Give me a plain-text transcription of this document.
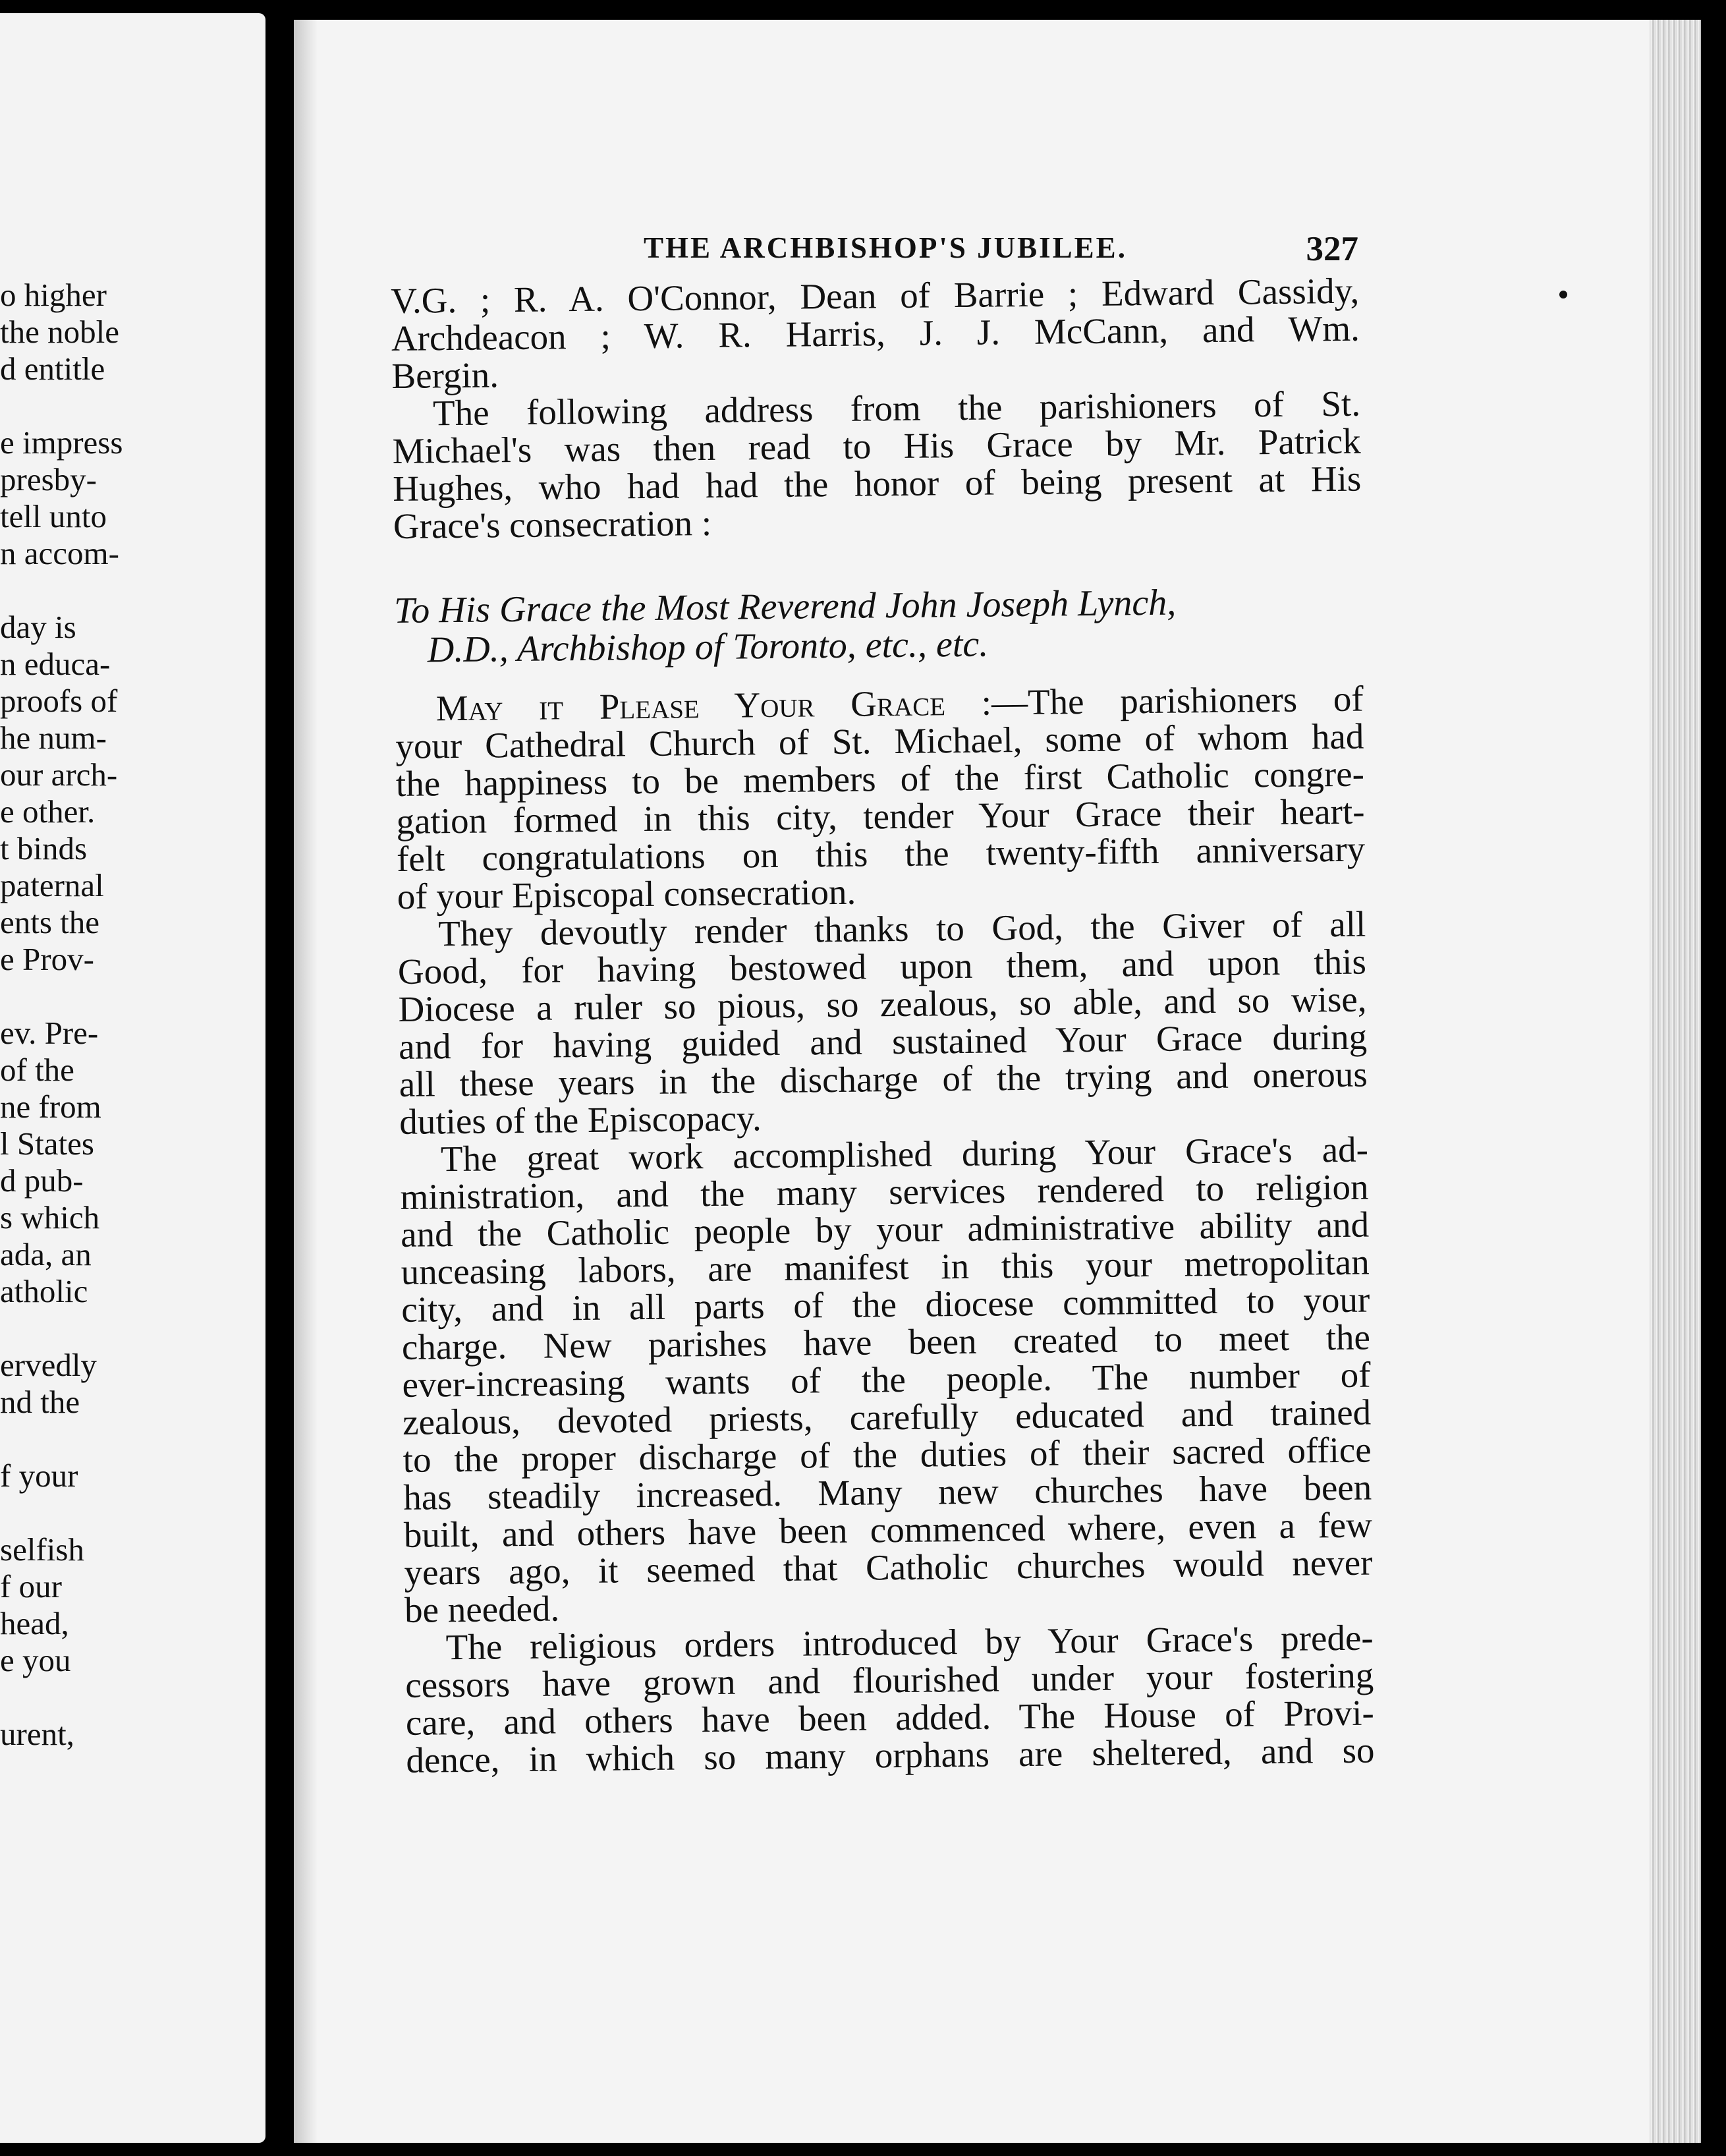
o higher
the noble
d entitle
e impress
presby-
tell unto
n accom-
day is
n educa-
proofs of
he num-
our arch-
e other.
t binds
paternal
ents the
e Prov-
ev. Pre-
of the
ne from
l States
d pub-
s which
ada, an
atholic
ervedly
nd the
f your
selfish
f our
head,
e you
urent,
THE ARCHBISHOP'S JUBILEE.	327
V.G. ; R. A. O'Connor, Dean of Barrie ; Edward Cassidy,
Archdeacon ; W. R. Harris, J. J. McCann, and Wm.
Bergin.
The following address from the parishioners of St.
Michael's was then read to His Grace by Mr. Patrick
Hughes, who had had the honor of being present at His
Grace's consecration :
To His Grace the Most Reverend John Joseph Lynch,
D.D., Archbishop of Toronto, etc., etc.
May it Please Your Grace :—The parishioners of
your Cathedral Church of St. Michael, some of whom had
the happiness to be members of the first Catholic congre-
gation formed in this city, tender Your Grace their heart-
felt congratulations on this the twenty-fifth anniversary
of your Episcopal consecration.
They devoutly render thanks to God, the Giver of all
Good, for having bestowed upon them, and upon this
Diocese a ruler so pious, so zealous, so able, and so wise,
and for having guided and sustained Your Grace during
all these years in the discharge of the trying and onerous
duties of the Episcopacy.
The great work accomplished during Your Grace's ad-
ministration, and the many services rendered to religion
and the Catholic people by your administrative ability and
unceasing labors, are manifest in this your metropolitan
city, and in all parts of the diocese committed to your
charge. New parishes have been created to meet the
ever-increasing wants of the people. The number of
zealous, devoted priests, carefully educated and trained
to the proper discharge of the duties of their sacred office
has steadily increased. Many new churches have been
built, and others have been commenced where, even a few
years ago, it seemed that Catholic churches would never
be needed.
The religious orders introduced by Your Grace's prede-
cessors have grown and flourished under your fostering
care, and others have been added. The House of Provi-
dence, in which so many orphans are sheltered, and so
